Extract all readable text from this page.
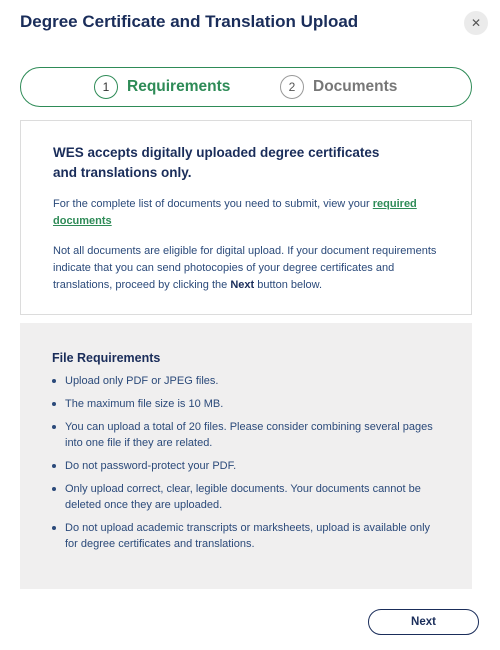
Degree Certificate and Translation Upload	✕
1	Requirements	2	Documents

WES accepts digitally uploaded degree certificates and translations only.

For the complete list of documents you need to submit, view your required documents

Not all documents are eligible for digital upload. If your document requirements indicate that you can send photocopies of your degree certificates and translations, proceed by clicking the Next button below.

File Requirements
Upload only PDF or JPEG files.
The maximum file size is 10 MB.
You can upload a total of 20 files. Please consider combining several pages into one file if they are related.
Do not password-protect your PDF.
Only upload correct, clear, legible documents. Your documents cannot be deleted once they are uploaded.
Do not upload academic transcripts or marksheets, upload is available only for degree certificates and translations.
Next
